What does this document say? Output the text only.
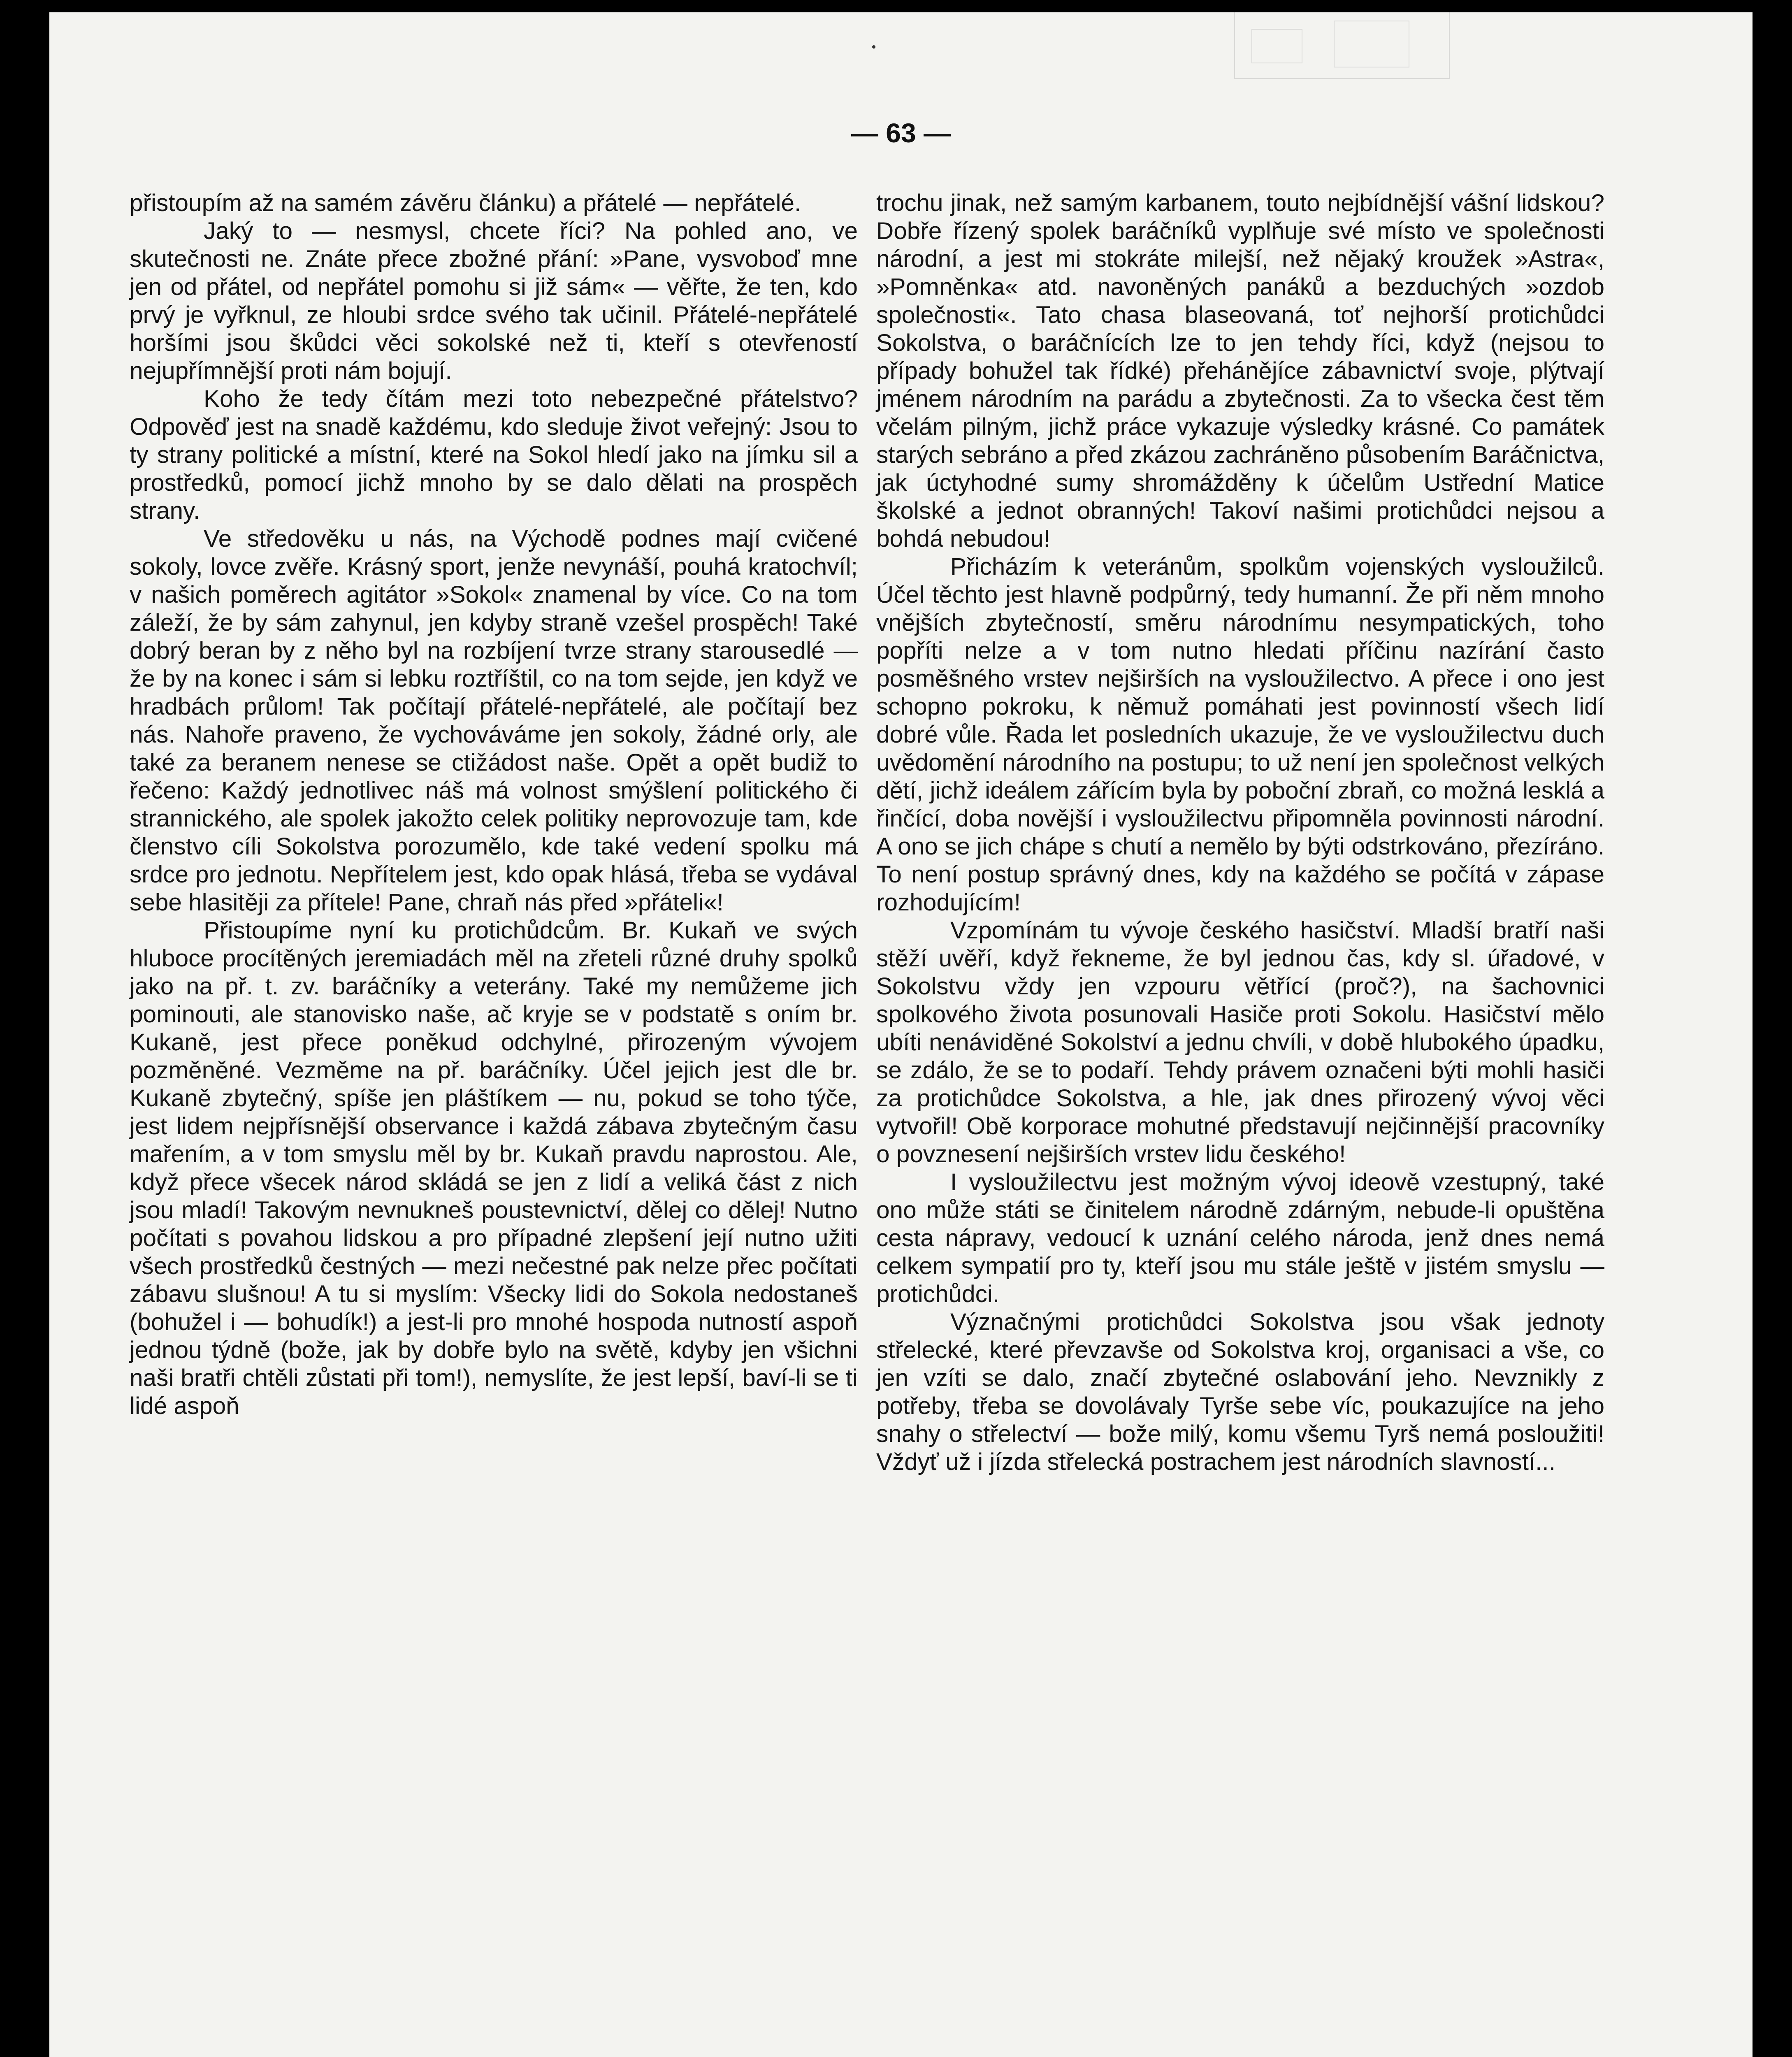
— 63 —

přistoupím až na samém závěru článku) a přátelé — nepřátelé.

Jaký to — nesmysl, chcete říci? Na pohled ano, ve skutečnosti ne. Znáte přece zbožné přání: »Pane, vysvoboď mne jen od přátel, od nepřátel pomohu si již sám« — věřte, že ten, kdo prvý je vyřknul, ze hloubi srdce svého tak učinil. Přátelé-nepřátelé horšími jsou škůdci věci sokolské než ti, kteří s otevřeností nejupřímnější proti nám bojují.

Koho že tedy čítám mezi toto nebezpečné přátelstvo? Odpověď jest na snadě každému, kdo sleduje život veřejný: Jsou to ty strany politické a místní, které na Sokol hledí jako na jímku sil a prostředků, pomocí jichž mnoho by se dalo dělati na prospěch strany.

Ve středověku u nás, na Východě podnes mají cvičené sokoly, lovce zvěře. Krásný sport, jenže nevynáší, pouhá kratochvíl; v našich poměrech agitátor »Sokol« znamenal by více. Co na tom záleží, že by sám zahynul, jen kdyby straně vzešel prospěch! Také dobrý beran by z něho byl na rozbíjení tvrze strany starousedlé — že by na konec i sám si lebku roztříštil, co na tom sejde, jen když ve hradbách průlom! Tak počítají přátelé-nepřátelé, ale počítají bez nás. Nahoře praveno, že vychováváme jen sokoly, žádné orly, ale také za beranem nenese se ctižádost naše. Opět a opět budiž to řečeno: Každý jednotlivec náš má volnost smýšlení politického či strannického, ale spolek jakožto celek politiky neprovozuje tam, kde členstvo cíli Sokolstva porozumělo, kde také vedení spolku má srdce pro jednotu. Nepřítelem jest, kdo opak hlásá, třeba se vydával sebe hlasitěji za přítele! Pane, chraň nás před »přáteli«!

Přistoupíme nyní ku protichůdcům. Br. Kukaň ve svých hluboce procítěných jeremiadách měl na zřeteli různé druhy spolků jako na př. t. zv. baráčníky a veterány. Také my nemůžeme jich pominouti, ale stanovisko naše, ač kryje se v podstatě s oním br. Kukaně, jest přece poněkud odchylné, přirozeným vývojem pozměněné. Vezměme na př. baráčníky. Účel jejich jest dle br. Kukaně zbytečný, spíše jen pláštíkem — nu, pokud se toho týče, jest lidem nejpřísnější observance i každá zábava zbytečným času mařením, a v tom smyslu měl by br. Kukaň pravdu naprostou. Ale, když přece všecek národ skládá se jen z lidí a veliká část z nich jsou mladí! Takovým nevnukneš poustevnictví, dělej co dělej! Nutno počítati s povahou lidskou a pro případné zlepšení její nutno užiti všech prostředků čestných — mezi nečestné pak nelze přec počítati zábavu slušnou! A tu si myslím: Všecky lidi do Sokola nedostaneš (bohužel i — bohudík!) a jest-li pro mnohé hospoda nutností aspoň jednou týdně (bože, jak by dobře bylo na světě, kdyby jen všichni naši bratři chtěli zůstati při tom!), nemyslíte, že jest lepší, baví-li se ti lidé aspoň

trochu jinak, než samým karbanem, touto nejbídnější vášní lidskou? Dobře řízený spolek baráčníků vyplňuje své místo ve společnosti národní, a jest mi stokráte milejší, než nějaký kroužek »Astra«, »Pomněnka« atd. navoněných panáků a bezduchých »ozdob společnosti«. Tato chasa blaseovaná, toť nejhorší protichůdci Sokolstva, o baráčnících lze to jen tehdy říci, když (nejsou to případy bohužel tak řídké) přehánějíce zábavnictví svoje, plýtvají jménem národním na parádu a zbytečnosti. Za to všecka čest těm včelám pilným, jichž práce vykazuje výsledky krásné. Co památek starých sebráno a před zkázou zachráněno působením Baráčnictva, jak úctyhodné sumy shromážděny k účelům Ustřední Matice školské a jednot obranných! Takoví našimi protichůdci nejsou a bohdá nebudou!

Přicházím k veteránům, spolkům vojenských vysloužilců. Účel těchto jest hlavně podpůrný, tedy humanní. Že při něm mnoho vnějších zbytečností, směru národnímu nesympatických, toho popříti nelze a v tom nutno hledati příčinu nazírání často posměšného vrstev nejširších na vysloužilectvo. A přece i ono jest schopno pokroku, k němuž pomáhati jest povinností všech lidí dobré vůle. Řada let posledních ukazuje, že ve vysloužilectvu duch uvědomění národního na postupu; to už není jen společnost velkých dětí, jichž ideálem zářícím byla by poboční zbraň, co možná lesklá a řinčící, doba novější i vysloužilectvu připomněla povinnosti národní. A ono se jich chápe s chutí a nemělo by býti odstrkováno, přezíráno. To není postup správný dnes, kdy na každého se počítá v zápase rozhodujícím!

Vzpomínám tu vývoje českého hasičství. Mladší bratří naši stěží uvěří, když řekneme, že byl jednou čas, kdy sl. úřadové, v Sokolstvu vždy jen vzpouru větřící (proč?), na šachovnici spolkového života posunovali Hasiče proti Sokolu. Hasičství mělo ubíti nenáviděné Sokolství a jednu chvíli, v době hlubokého úpadku, se zdálo, že se to podaří. Tehdy právem označeni býti mohli hasiči za protichůdce Sokolstva, a hle, jak dnes přirozený vývoj věci vytvořil! Obě korporace mohutné představují nejčinnější pracovníky o povznesení nejširších vrstev lidu českého!

I vysloužilectvu jest možným vývoj ideově vzestupný, také ono může státi se činitelem národně zdárným, nebude-li opuštěna cesta nápravy, vedoucí k uznání celého národa, jenž dnes nemá celkem sympatií pro ty, kteří jsou mu stále ještě v jistém smyslu — protichůdci.

Význačnými protichůdci Sokolstva jsou však jednoty střelecké, které převzavše od Sokolstva kroj, organisaci a vše, co jen vzíti se dalo, značí zbytečné oslabování jeho. Nevznikly z potřeby, třeba se dovolávaly Tyrše sebe víc, poukazujíce na jeho snahy o střelectví — bože milý, komu všemu Tyrš nemá posloužiti! Vždyť už i jízda střelecká postrachem jest národních slavností...
